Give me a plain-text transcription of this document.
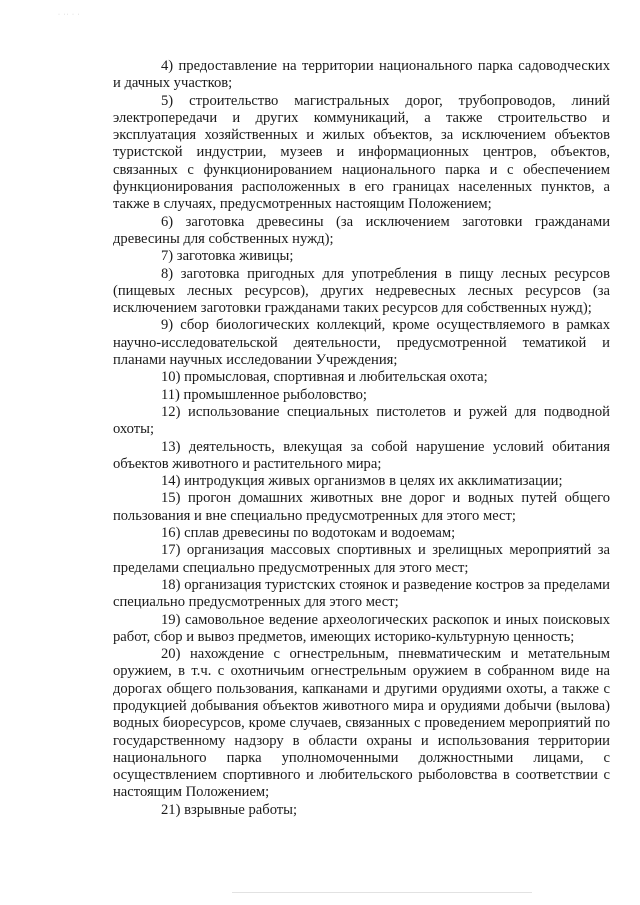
· ·· · ·

4) предоставление на территории национального парка садоводческих и дачных участков;

5) строительство магистральных дорог, трубопроводов, линий электропередачи и других коммуникаций, а также строительство и эксплуатация хозяйственных и жилых объектов, за исключением объектов туристской индустрии, музеев и информационных центров, объектов, связанных с функционированием национального парка и с обеспечением функционирования расположенных в его границах населенных пунктов, а также в случаях, предусмотренных настоящим Положением;

6) заготовка древесины (за исключением заготовки гражданами древесины для собственных нужд);

7) заготовка живицы;

8) заготовка пригодных для употребления в пищу лесных ресурсов (пищевых лесных ресурсов), других недревесных лесных ресурсов (за исключением заготовки гражданами таких ресурсов для собственных нужд);

9) сбор биологических коллекций, кроме осуществляемого в рамках научно-исследовательской деятельности, предусмотренной тематикой и планами научных исследовании Учреждения;

10) промысловая, спортивная и любительская охота;

11) промышленное рыболовство;

12) использование специальных пистолетов и ружей для подводной охоты;

13) деятельность, влекущая за собой нарушение условий обитания объектов животного и растительного мира;

14) интродукция живых организмов в целях их акклиматизации;

15) прогон домашних животных вне дорог и водных путей общего пользования и вне специально предусмотренных для этого мест;

16) сплав древесины по водотокам и водоемам;

17) организация массовых спортивных и зрелищных мероприятий за пределами специально предусмотренных для этого мест;

18) организация туристских стоянок и разведение костров за пределами специально предусмотренных для этого мест;

19) самовольное ведение археологических раскопок и иных поисковых работ, сбор и вывоз предметов, имеющих историко-культурную ценность;

20) нахождение с огнестрельным, пневматическим и метательным оружием, в т.ч. с охотничьим огнестрельным оружием в собранном виде на дорогах общего пользования, капканами и другими орудиями охоты, а также с продукцией добывания объектов животного мира и орудиями добычи (вылова) водных биоресурсов, кроме случаев, связанных с проведением мероприятий по государственному надзору в области охраны и использования территории национального парка уполномоченными должностными лицами, с осуществлением спортивного и любительского рыболовства в соответствии с настоящим Положением;

21) взрывные работы;
